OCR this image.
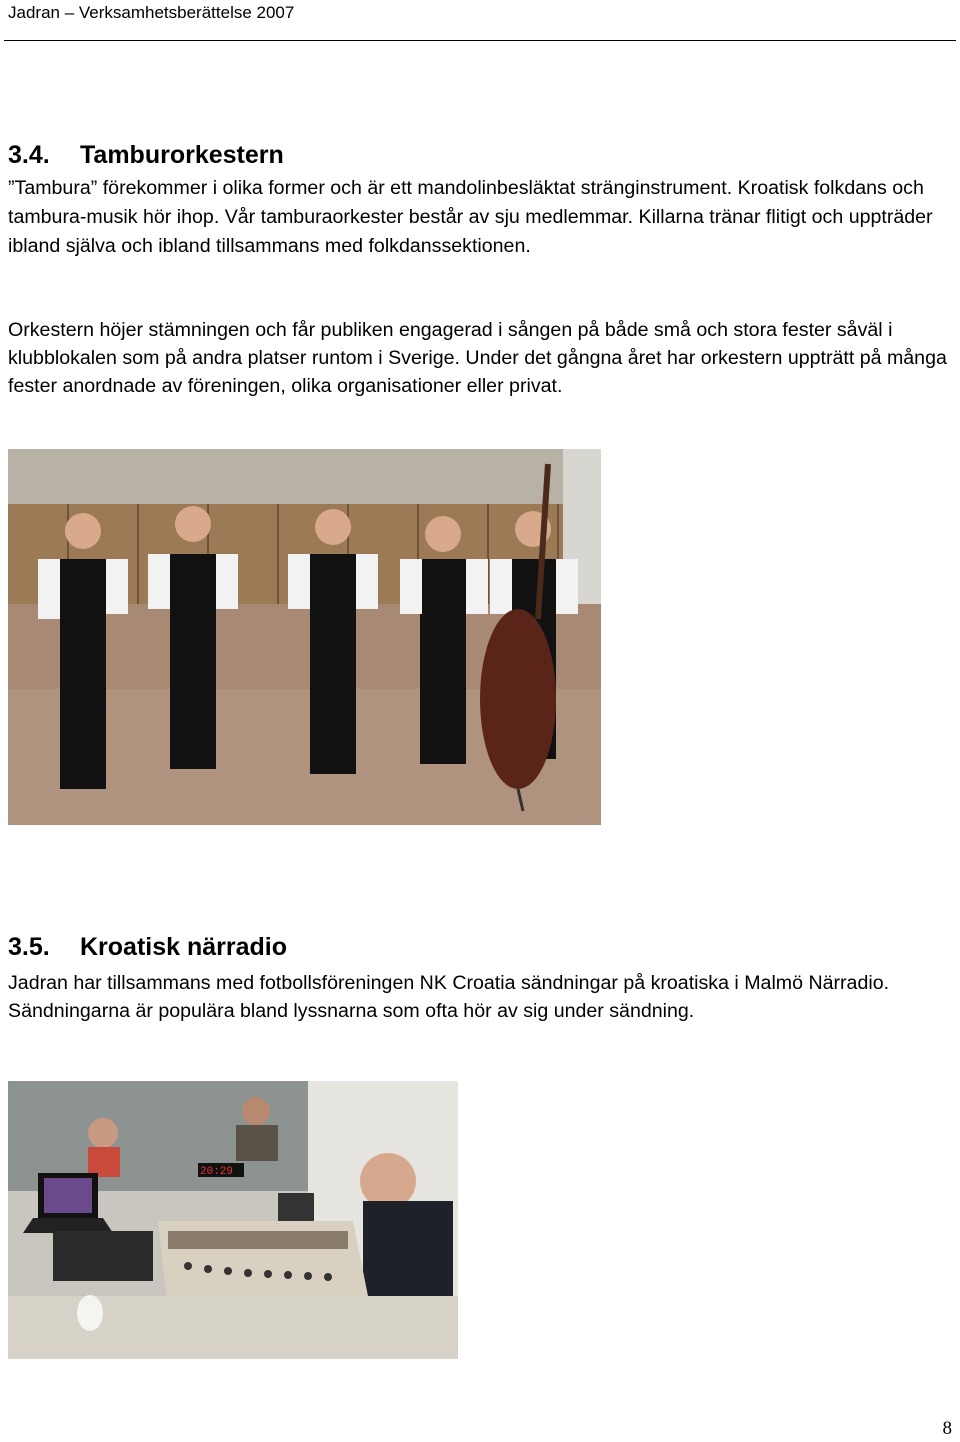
Jadran – Verksamhetsberättelse 2007
3.4. Tamburorkestern

”Tambura” förekommer i olika former och är ett mandolinbesläktat stränginstrument. Kroatisk folkdans och tambura-musik hör ihop. Vår tamburaorkester består av sju medlemmar. Killarna tränar flitigt och uppträder ibland själva och ibland tillsammans med folkdanssektionen.

Orkestern höjer stämningen och får publiken engagerad i sången på både små och stora fester såväl i klubblokalen som på andra platser runtom i Sverige. Under det gångna året har orkestern uppträtt på många fester anordnade av föreningen, olika organisationer eller privat.

3.5. Kroatisk närradio

Jadran har tillsammans med fotbollsföreningen NK Croatia sändningar på kroatiska i Malmö Närradio. Sändningarna är populära bland lyssnarna som ofta hör av sig under sändning.

20:29
8
